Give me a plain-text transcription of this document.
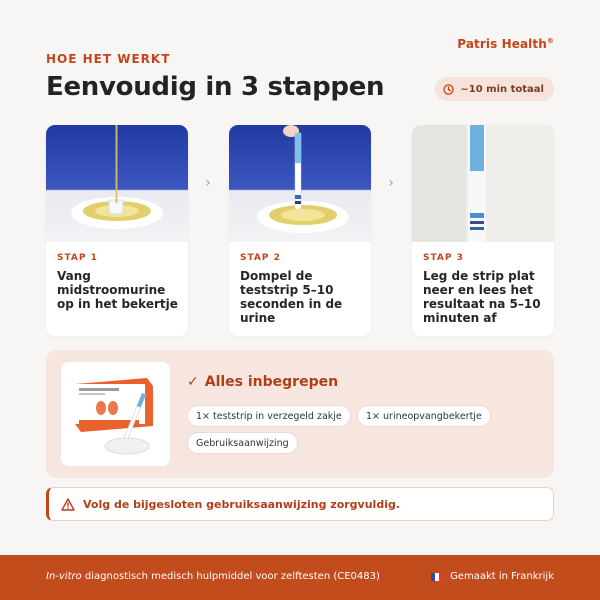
Patris Health®
HOE HET WERKT
Eenvoudig in 3 stappen	~10 min totaal
STAP 1
Vang midstroomurine op in het bekertje
›
STAP 2
Dompel de teststrip 5–10 seconden in de urine
›
STAP 3
Leg de strip plat neer en lees het resultaat na 5–10 minuten af
✓ Alles inbegrepen
1× teststrip in verzegeld zakje	1× urineopvangbekertje
Gebruiksaanwijzing
Volg de bijgesloten gebruiksaanwijzing zorgvuldig.
In-vitro diagnostisch medisch hulpmiddel voor zelftesten (CE0483)	Gemaakt in Frankrijk
